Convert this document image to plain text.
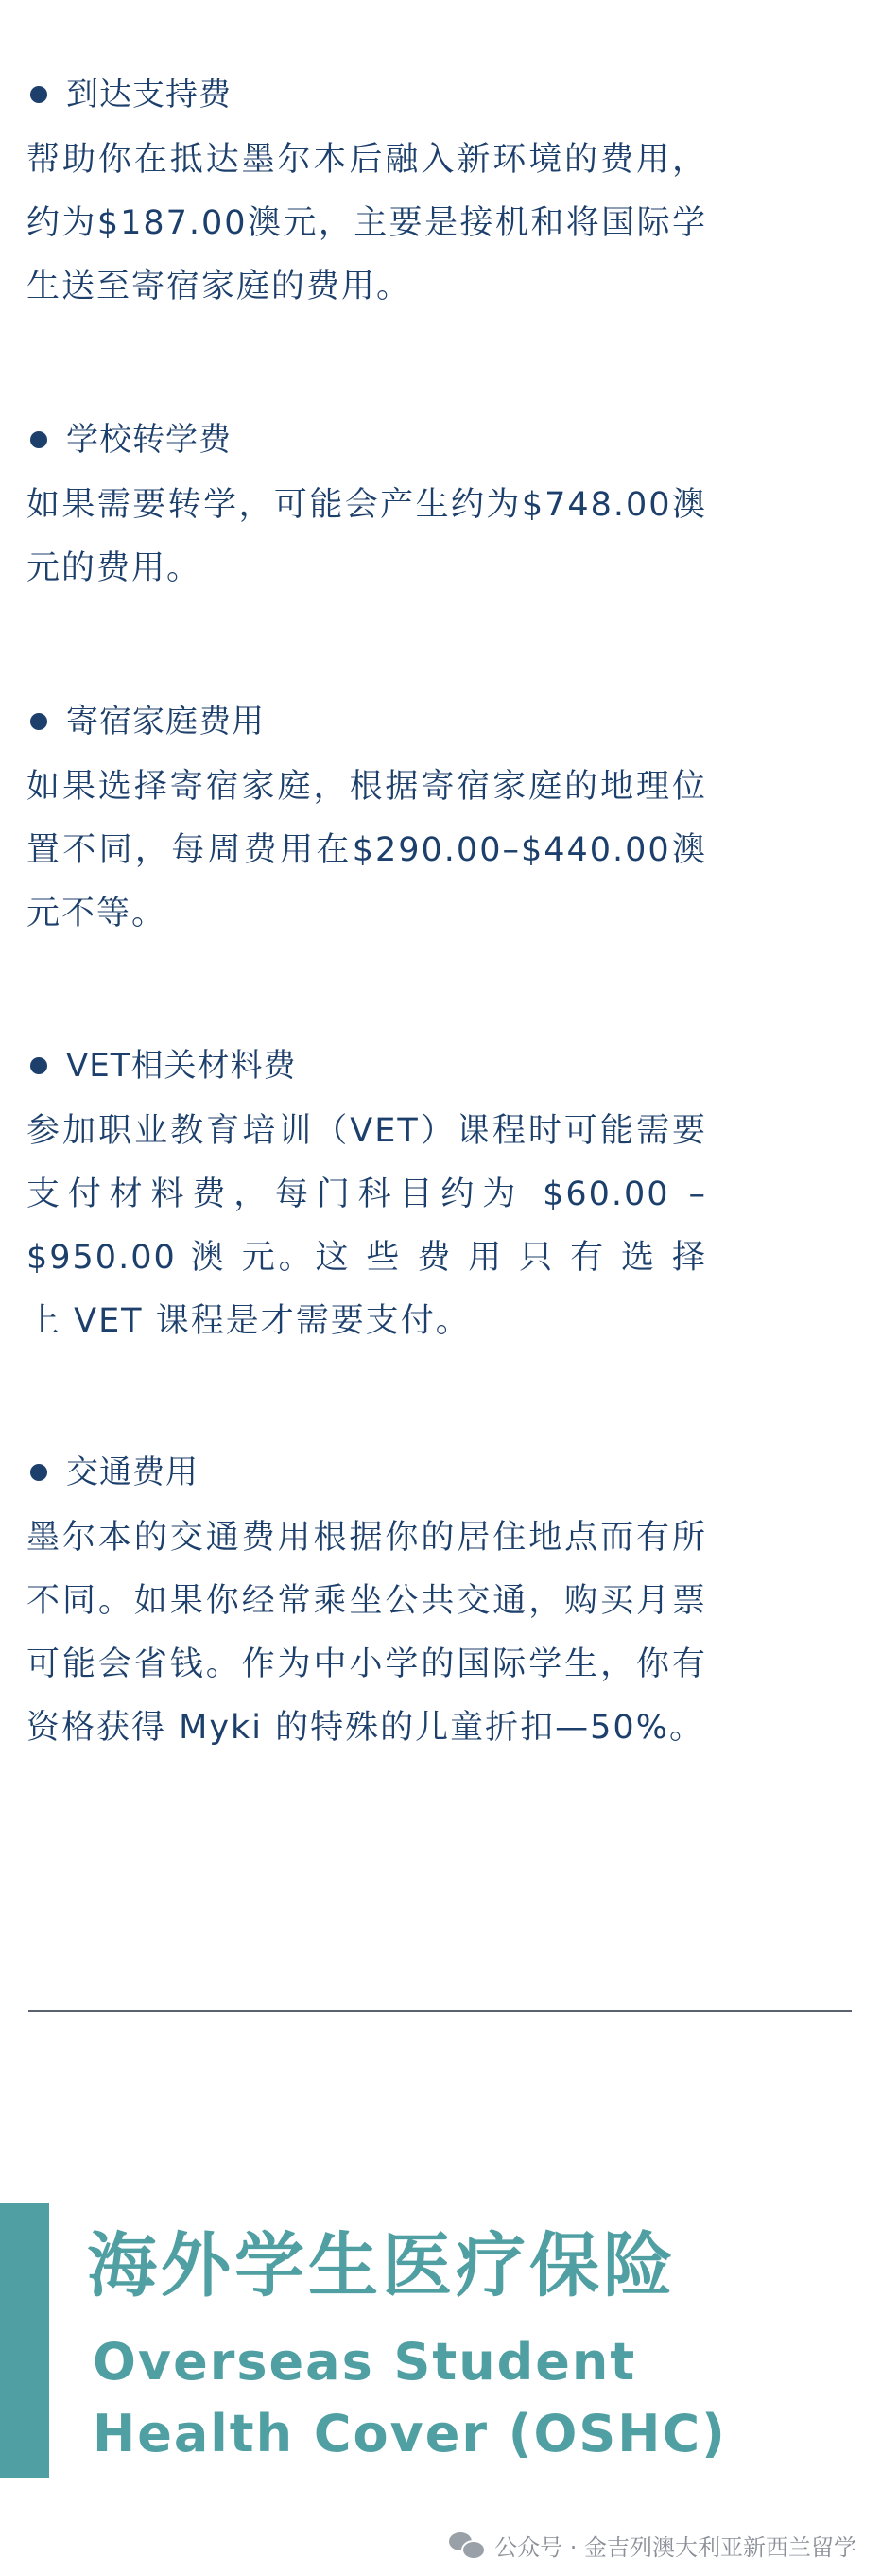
到达支持费
帮助你在抵达墨尔本后融入新环境的费用，约为$187.00澳元，主要是接机和将国际学生送至寄宿家庭的费用。
学校转学费
如果需要转学，可能会产生约为$748.00澳元的费用。
寄宿家庭费用
如果选择寄宿家庭，根据寄宿家庭的地理位置不同，每周费用在$290.00–$440.00澳元不等。
VET相关材料费
参加职业教育培训（VET）课程时可能需要支付材料费，每门科目约为 $60.00 – $950.00 澳 元。这 些 费 用 只 有 选 择 上 VET 课程是才需要支付。
交通费用
墨尔本的交通费用根据你的居住地点而有所不同。如果你经常乘坐公共交通，购买月票可能会省钱。作为中小学的国际学生，你有资格获得 Myki 的特殊的儿童折扣—50%。
海外学生医疗保险
Overseas Student Health Cover (OSHC)
公众号 · 金吉列澳大利亚新西兰留学
